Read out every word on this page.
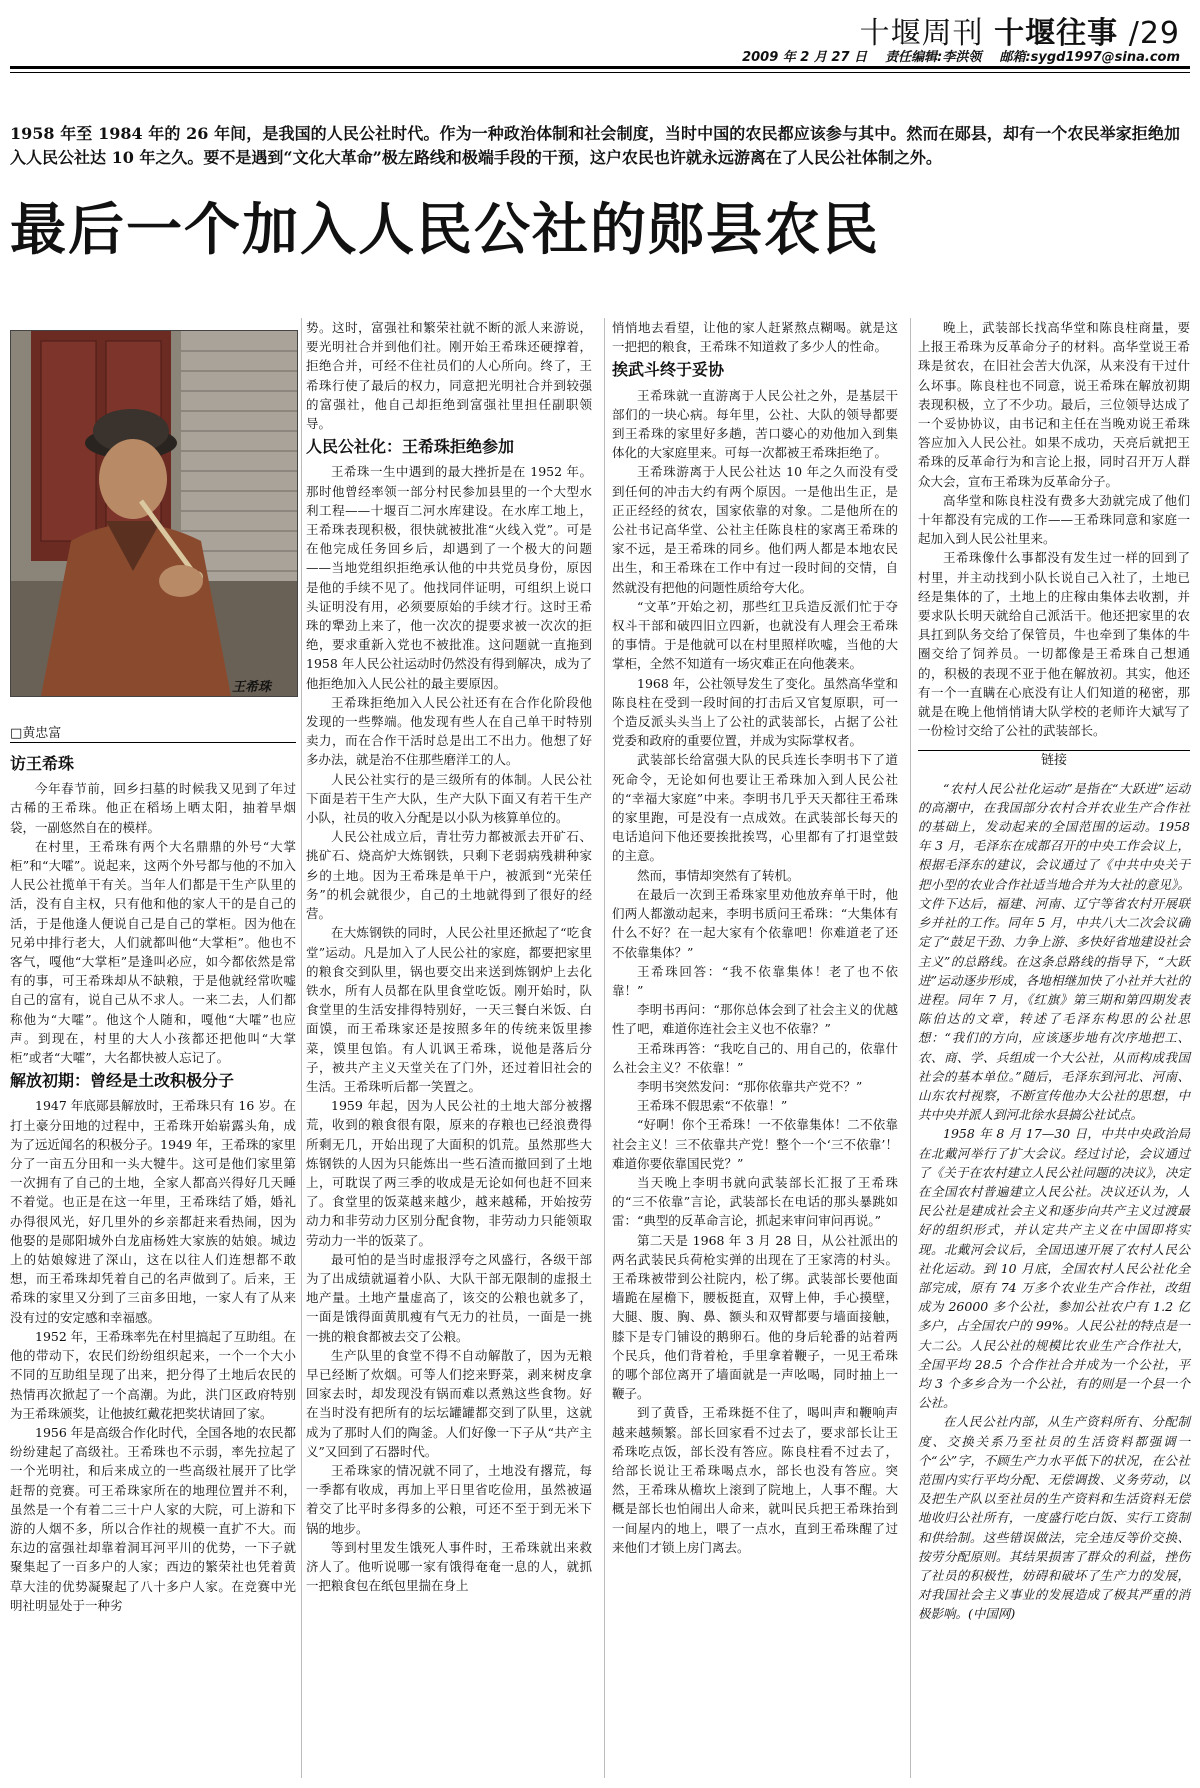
十堰周刊 十堰往事 /29
2009 年 2 月 27 日 责任编辑:李洪领 邮箱:sygd1997@sina.com
1958 年至 1984 年的 26 年间，是我国的人民公社时代。作为一种政治体制和社会制度，当时中国的农民都应该参与其中。然而在郧县，却有一个农民举家拒绝加入人民公社达 10 年之久。要不是遇到“文化大革命”极左路线和极端手段的干预，这户农民也许就永远游离在了人民公社体制之外。
最后一个加入人民公社的郧县农民
王希珠
□黄忠富
访王希珠

今年春节前，回乡扫墓的时候我又见到了年过古稀的王希珠。他正在稻场上晒太阳，抽着旱烟袋，一副悠然自在的模样。

在村里，王希珠有两个大名鼎鼎的外号“大掌柜”和“大嚯”。说起来，这两个外号都与他的不加入人民公社揽单干有关。当年人们都是干生产队里的活，没有自主权，只有他和他的家人干的是自己的活，于是他逢人便说自己是自己的掌柜。因为他在兄弟中排行老大，人们就都叫他“大掌柜”。他也不客气，嘎他“大掌柜”是逢叫必应，如今都依然是常有的事，可王希珠却从不缺粮，于是他就经常吹嘘自己的富有，说自己从不求人。一来二去，人们都称他为“大嚯”。他这个人随和，嘎他“大嚯”也应声。到现在，村里的大人小孩都还把他叫“大掌柜”或者“大嚯”，大名都快被人忘记了。

解放初期：曾经是土改积极分子

1947 年底郧县解放时，王希珠只有 16 岁。在打土豪分田地的过程中，王希珠开始崭露头角，成为了远近闻名的积极分子。1949 年，王希珠的家里分了一亩五分田和一头大犍牛。这可是他们家里第一次拥有了自己的土地，全家人都高兴得好几天睡不着觉。也正是在这一年里，王希珠结了婚，婚礼办得很风光，好几里外的乡亲都赶来看热闹，因为他娶的是郧阳城外白龙庙杨姓大家族的姑娘。城边上的姑娘嫁进了深山，这在以往人们连想都不敢想，而王希珠却凭着自己的名声做到了。后来，王希珠的家里又分到了三亩多田地，一家人有了从来没有过的安定感和幸福感。

1952 年，王希珠率先在村里搞起了互助组。在他的带动下，农民们纷纷组织起来，一个一个大小不同的互助组呈现了出来，把分得了土地后农民的热情再次掀起了一个高潮。为此，洪门区政府特别为王希珠颁奖，让他披红戴花把奖状请回了家。

1956 年是高级合作化时代，全国各地的农民都纷纷建起了高级社。王希珠也不示弱，率先拉起了一个光明社，和后来成立的一些高级社展开了比学赶帮的竞赛。可王希珠家所在的地理位置并不利，虽然是一个有着二三十户人家的大院，可上游和下游的人烟不多，所以合作社的规模一直扩不大。而东边的富强社却靠着洞耳河平川的优势，一下子就聚集起了一百多户的人家；西边的繁荣社也凭着黄草大洼的优势凝聚起了八十多户人家。在竞赛中光明社明显处于一种劣

势。这时，富强社和繁荣社就不断的派人来游说，要光明社合并到他们社。刚开始王希珠还硬撑着，拒绝合并，可经不住社员们的人心所向。终了，王希珠行使了最后的权力，同意把光明社合并到较强的富强社，他自己却拒绝到富强社里担任副职领导。

人民公社化：王希珠拒绝参加

王希珠一生中遇到的最大挫折是在 1952 年。那时他曾经率领一部分村民参加县里的一个大型水利工程——十堰百二河水库建设。在水库工地上，王希珠表现积极，很快就被批准“火线入党”。可是在他完成任务回乡后，却遇到了一个极大的问题——当地党组织拒绝承认他的中共党员身份，原因是他的手续不见了。他找同伴证明，可组织上说口头证明没有用，必须要原始的手续才行。这时王希珠的犟劲上来了，他一次次的提要求被一次次的拒绝，要求重新入党也不被批准。这问题就一直拖到 1958 年人民公社运动时仍然没有得到解决，成为了他拒绝加入人民公社的最主要原因。

王希珠拒绝加入人民公社还有在合作化阶段他发现的一些弊端。他发现有些人在自己单干时特别卖力，而在合作干活时总是出工不出力。他想了好多办法，就是治不住那些磨洋工的人。

人民公社实行的是三级所有的体制。人民公社下面是若干生产大队，生产大队下面又有若干生产小队，社员的收入分配是以小队为核算单位的。

人民公社成立后，青壮劳力都被派去开矿石、挑矿石、烧高炉大炼钢铁，只剩下老弱病残耕种家乡的土地。因为王希珠是单干户，被派到“光荣任务”的机会就很少，自己的土地就得到了很好的经营。

在大炼钢铁的同时，人民公社里还掀起了“吃食堂”运动。凡是加入了人民公社的家庭，都要把家里的粮食交到队里，锅也要交出来送到炼钢炉上去化铁水，所有人员都在队里食堂吃饭。刚开始时，队食堂里的生活安排得特别好，一天三餐白米饭、白面馍，而王希珠家还是按照多年的传统来饭里掺菜，馍里包馅。有人讥讽王希珠，说他是落后分子，被共产主义天堂关在了门外，还过着旧社会的生活。王希珠听后都一笑置之。

1959 年起，因为人民公社的土地大部分被撂荒，收到的粮食很有限，原来的存粮也已经浪费得所剩无几，开始出现了大面积的饥荒。虽然那些大炼钢铁的人因为只能炼出一些石渣而撤回到了土地上，可耽误了两三季的收成是无论如何也赶不回来了。食堂里的饭菜越来越少，越来越稀，开始按劳动力和非劳动力区别分配食物，非劳动力只能领取劳动力一半的饭菜了。

最可怕的是当时虚报浮夸之风盛行，各级干部为了出成绩就逼着小队、大队干部无限制的虚报土地产量。土地产量虚高了，该交的公粮也就多了，一面是饿得面黄肌瘦有气无力的社员，一面是一挑一挑的粮食都被去交了公粮。

生产队里的食堂不得不自动解散了，因为无粮早已经断了炊烟。可等人们挖来野菜，剥来树皮拿回家去时，却发现没有锅而难以煮熟这些食物。好在当时没有把所有的坛坛罐罐都交到了队里，这就成为了那时人们的陶釜。人们好像一下子从“共产主义”又回到了石器时代。

王希珠家的情况就不同了，土地没有撂荒，每一季都有收成，再加上平日里省吃俭用，虽然被逼着交了比平时多得多的公粮，可还不至于到无米下锅的地步。

等到村里发生饿死人事件时，王希珠就出来救济人了。他听说哪一家有饿得奄奄一息的人，就抓一把粮食包在纸包里揣在身上

悄悄地去看望，让他的家人赶紧熬点糊喝。就是这一把把的粮食，王希珠不知道救了多少人的性命。

挨武斗终于妥协

王希珠就一直游离于人民公社之外，是基层干部们的一块心病。每年里，公社、大队的领导都要到王希珠的家里好多趟，苦口婆心的劝他加入到集体化的大家庭里来。可每一次都被王希珠拒绝了。

王希珠游离于人民公社达 10 年之久而没有受到任何的冲击大约有两个原因。一是他出生正，是正正经经的贫农，国家依靠的对象。二是他所在的公社书记高华堂、公社主任陈良柱的家离王希珠的家不远，是王希珠的同乡。他们两人都是本地农民出生，和王希珠在工作中有过一段时间的交情，自然就没有把他的问题性质给夸大化。

“文革”开始之初，那些红卫兵造反派们忙于夺权斗干部和破四旧立四新，也就没有人理会王希珠的事情。于是他就可以在村里照样吹嘘，当他的大掌柜，全然不知道有一场灾难正在向他袭来。

1968 年，公社领导发生了变化。虽然高华堂和陈良柱在受到一段时间的打击后又官复原职，可一个造反派头头当上了公社的武装部长，占据了公社党委和政府的重要位置，并成为实际掌权者。

武装部长给富强大队的民兵连长李明书下了道死命令，无论如何也要让王希珠加入到人民公社的“幸福大家庭”中来。李明书几乎天天都往王希珠的家里跑，可是没有一点成效。在武装部长每天的电话追问下他还要挨批挨骂，心里都有了打退堂鼓的主意。

然而，事情却突然有了转机。

在最后一次到王希珠家里劝他放弃单干时，他们两人都激动起来，李明书质问王希珠：“大集体有什么不好？在一起大家有个依靠吧！你难道老了还不依靠集体？”

王希珠回答：“我不依靠集体！老了也不依靠！”

李明书再问：“那你总体会到了社会主义的优越性了吧，难道你连社会主义也不依靠？”

王希珠再答：“我吃自己的、用自己的，依靠什么社会主义？不依靠！”

李明书突然发问：“那你依靠共产党不？”

王希珠不假思索“不依靠！”

“好啊！你个王希珠！一不依靠集体！二不依靠社会主义！三不依靠共产党！整个一个‘三不依靠’！难道你要依靠国民党？”

当天晚上李明书就向武装部长汇报了王希珠的“三不依靠”言论，武装部长在电话的那头暴跳如雷：“典型的反革命言论，抓起来审问审问再说。”

第二天是 1968 年 3 月 28 日，从公社派出的两名武装民兵荷枪实弹的出现在了王家湾的村头。王希珠被带到公社院内，松了绑。武装部长要他面墙跪在屋檐下，腰板挺直，双臂上伸，手心摸壁，大腿、腹、胸、鼻、额头和双臂都要与墙面接触，膝下是专门铺设的鹅卵石。他的身后轮番的站着两个民兵，他们背着枪，手里拿着鞭子，一见王希珠的哪个部位离开了墙面就是一声吆喝，同时抽上一鞭子。

到了黄昏，王希珠挺不住了，喝叫声和鞭响声越来越频繁。部长回家看不过去了，要求部长让王希珠吃点饭，部长没有答应。陈良柱看不过去了，给部长说让王希珠喝点水，部长也没有答应。突然，王希珠从檐坎上滚到了院地上，人事不醒。大概是部长也怕闹出人命来，就叫民兵把王希珠抬到一间屋内的地上，喂了一点水，直到王希珠醒了过来他们才锁上房门离去。

晚上，武装部长找高华堂和陈良柱商量，要上报王希珠为反革命分子的材料。高华堂说王希珠是贫农，在旧社会苦大仇深，从来没有干过什么坏事。陈良柱也不同意，说王希珠在解放初期表现积极，立了不少功。最后，三位领导达成了一个妥协协议，由书记和主任在当晚劝说王希珠答应加入人民公社。如果不成功，天亮后就把王希珠的反革命行为和言论上报，同时召开万人群众大会，宣布王希珠为反革命分子。

高华堂和陈良柱没有费多大劲就完成了他们十年都没有完成的工作——王希珠同意和家庭一起加入到人民公社里来。

王希珠像什么事都没有发生过一样的回到了村里，并主动找到小队长说自己入社了，土地已经是集体的了，土地上的庄稼由集体去收割，并要求队长明天就给自己派活干。他还把家里的农具扛到队务交给了保管员，牛也牵到了集体的牛圈交给了饲养员。一切都像是王希珠自己想通的，积极的表现不亚于他在解放初。其实，他还有一个一直瞒在心底没有让人们知道的秘密，那就是在晚上他悄悄请大队学校的老师许大斌写了一份检讨交给了公社的武装部长。

链接

“农村人民公社化运动”是指在“大跃进”运动的高潮中，在我国部分农村合并农业生产合作社的基础上，发动起来的全国范围的运动。1958 年 3 月，毛泽东在成都召开的中央工作会议上，根据毛泽东的建议，会议通过了《中共中央关于把小型的农业合作社适当地合并为大社的意见》。文件下达后，福建、河南、辽宁等省农村开展联乡并社的工作。同年 5 月，中共八大二次会议确定了“鼓足干劲、力争上游、多快好省地建设社会主义”的总路线。在这条总路线的指导下，“大跃进”运动逐步形成，各地相继加快了小社并大社的进程。同年 7 月，《红旗》第三期和第四期发表陈伯达的文章，转述了毛泽东构思的公社思想：“我们的方向，应该逐步地有次序地把工、农、商、学、兵组成一个大公社，从而构成我国社会的基本单位。”随后，毛泽东到河北、河南、山东农村视察，不断宣传他办大公社的思想，中共中央并派人到河北徐水县搞公社试点。

1958 年 8 月 17—30 日，中共中央政治局在北戴河举行了扩大会议。经过讨论，会议通过了《关于在农村建立人民公社问题的决议》，决定在全国农村普遍建立人民公社。决议还认为，人民公社是建成社会主义和逐步向共产主义过渡最好的组织形式，并认定共产主义在中国即将实现。北戴河会议后，全国迅速开展了农村人民公社化运动。到 10 月底，全国农村人民公社化全部完成，原有 74 万多个农业生产合作社，改组成为 26000 多个公社，参加公社农户有 1.2 亿多户，占全国农户的 99%。人民公社的特点是一大二公。人民公社的规模比农业生产合作社大，全国平均 28.5 个合作社合并成为一个公社，平均 3 个多乡合为一个公社，有的则是一个县一个公社。

在人民公社内部，从生产资料所有、分配制度、交换关系乃至社员的生活资料都强调一个“公”字，不顾生产力水平低下的状况，在公社范围内实行平均分配、无偿调拨、义务劳动，以及把生产队以至社员的生产资料和生活资料无偿地收归公社所有，一度盛行吃白饭、实行工资制和供给制。这些错误做法，完全违反等价交换、按劳分配原则。其结果损害了群众的利益，挫伤了社员的积极性，妨碍和破坏了生产力的发展，对我国社会主义事业的发展造成了极其严重的消极影响。(中国网)
